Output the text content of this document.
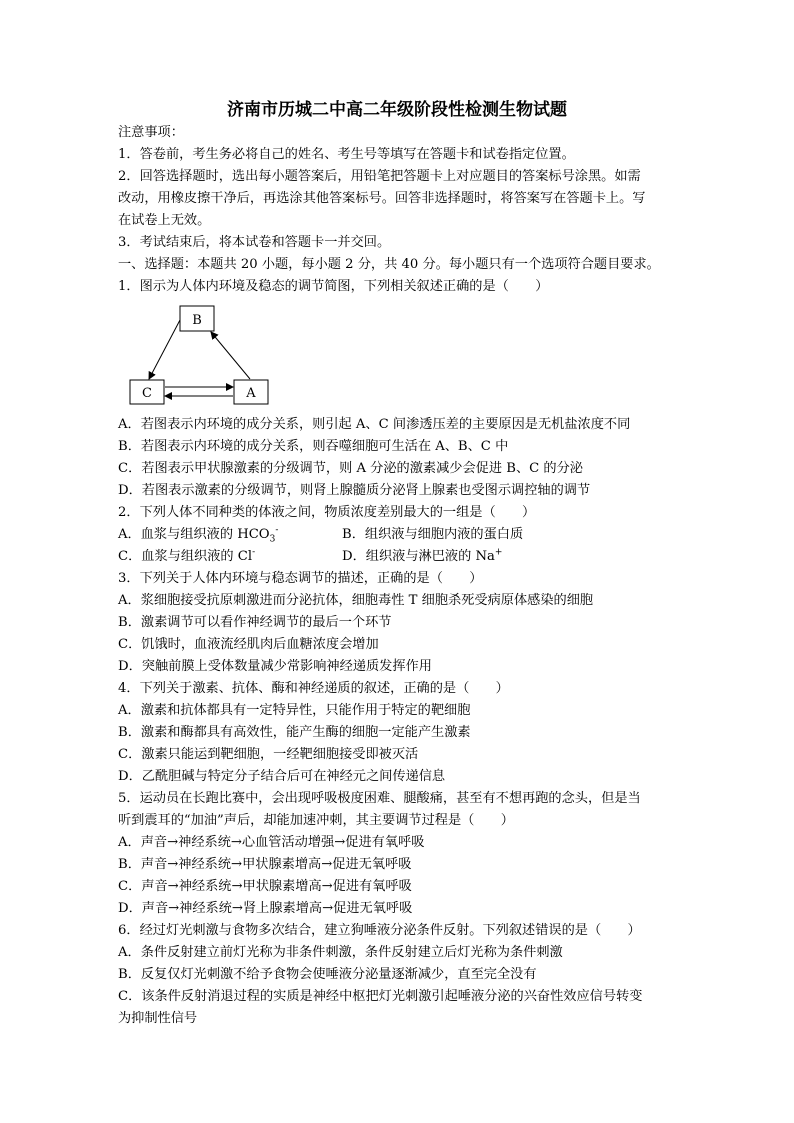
济南市历城二中高二年级阶段性检测生物试题
注意事项：
1．答卷前，考生务必将自己的姓名、考生号等填写在答题卡和试卷指定位置。
2．回答选择题时，选出每小题答案后，用铅笔把答题卡上对应题目的答案标号涂黑。如需
改动，用橡皮擦干净后，再选涂其他答案标号。回答非选择题时，将答案写在答题卡上。写
在试卷上无效。
3．考试结束后，将本试卷和答题卡一并交回。
一、选择题：本题共 20 小题，每小题 2 分，共 40 分。每小题只有一个选项符合题目要求。
1．图示为人体内环境及稳态的调节简图，下列相关叙述正确的是（　　）
B
C	A
A．若图表示内环境的成分关系，则引起 A、C 间渗透压差的主要原因是无机盐浓度不同
B．若图表示内环境的成分关系，则吞噬细胞可生活在 A、B、C 中
C．若图表示甲状腺激素的分级调节，则 A 分泌的激素减少会促进 B、C 的分泌
D．若图表示激素的分级调节，则肾上腺髓质分泌肾上腺素也受图示调控轴的调节
2．下列人体不同种类的体液之间，物质浓度差别最大的一组是（　　）
A．血浆与组织液的 $HCO_3^-$	B．组织液与细胞内液的蛋白质
C．血浆与组织液的 Cl-	D．组织液与淋巴液的 Na+
3．下列关于人体内环境与稳态调节的描述，正确的是（　　）
A．浆细胞接受抗原刺激进而分泌抗体，细胞毒性 T 细胞杀死受病原体感染的细胞
B．激素调节可以看作神经调节的最后一个环节
C．饥饿时，血液流经肌肉后血糖浓度会增加
D．突触前膜上受体数量减少常影响神经递质发挥作用
4．下列关于激素、抗体、酶和神经递质的叙述，正确的是（　　）
A．激素和抗体都具有一定特异性，只能作用于特定的靶细胞
B．激素和酶都具有高效性，能产生酶的细胞一定能产生激素
C．激素只能运到靶细胞，一经靶细胞接受即被灭活
D．乙酰胆碱与特定分子结合后可在神经元之间传递信息
5．运动员在长跑比赛中，会出现呼吸极度困难、腿酸痛，甚至有不想再跑的念头，但是当
听到震耳的“加油”声后，却能加速冲刺，其主要调节过程是（　　）
A．声音→神经系统→心血管活动增强→促进有氧呼吸
B．声音→神经系统→甲状腺素增高→促进无氧呼吸
C．声音→神经系统→甲状腺素增高→促进有氧呼吸
D．声音→神经系统→肾上腺素增高→促进无氧呼吸
6．经过灯光刺激与食物多次结合，建立狗唾液分泌条件反射。下列叙述错误的是（　　）
A．条件反射建立前灯光称为非条件刺激，条件反射建立后灯光称为条件刺激
B．反复仅灯光刺激不给予食物会使唾液分泌量逐渐减少，直至完全没有
C．该条件反射消退过程的实质是神经中枢把灯光刺激引起唾液分泌的兴奋性效应信号转变
为抑制性信号
